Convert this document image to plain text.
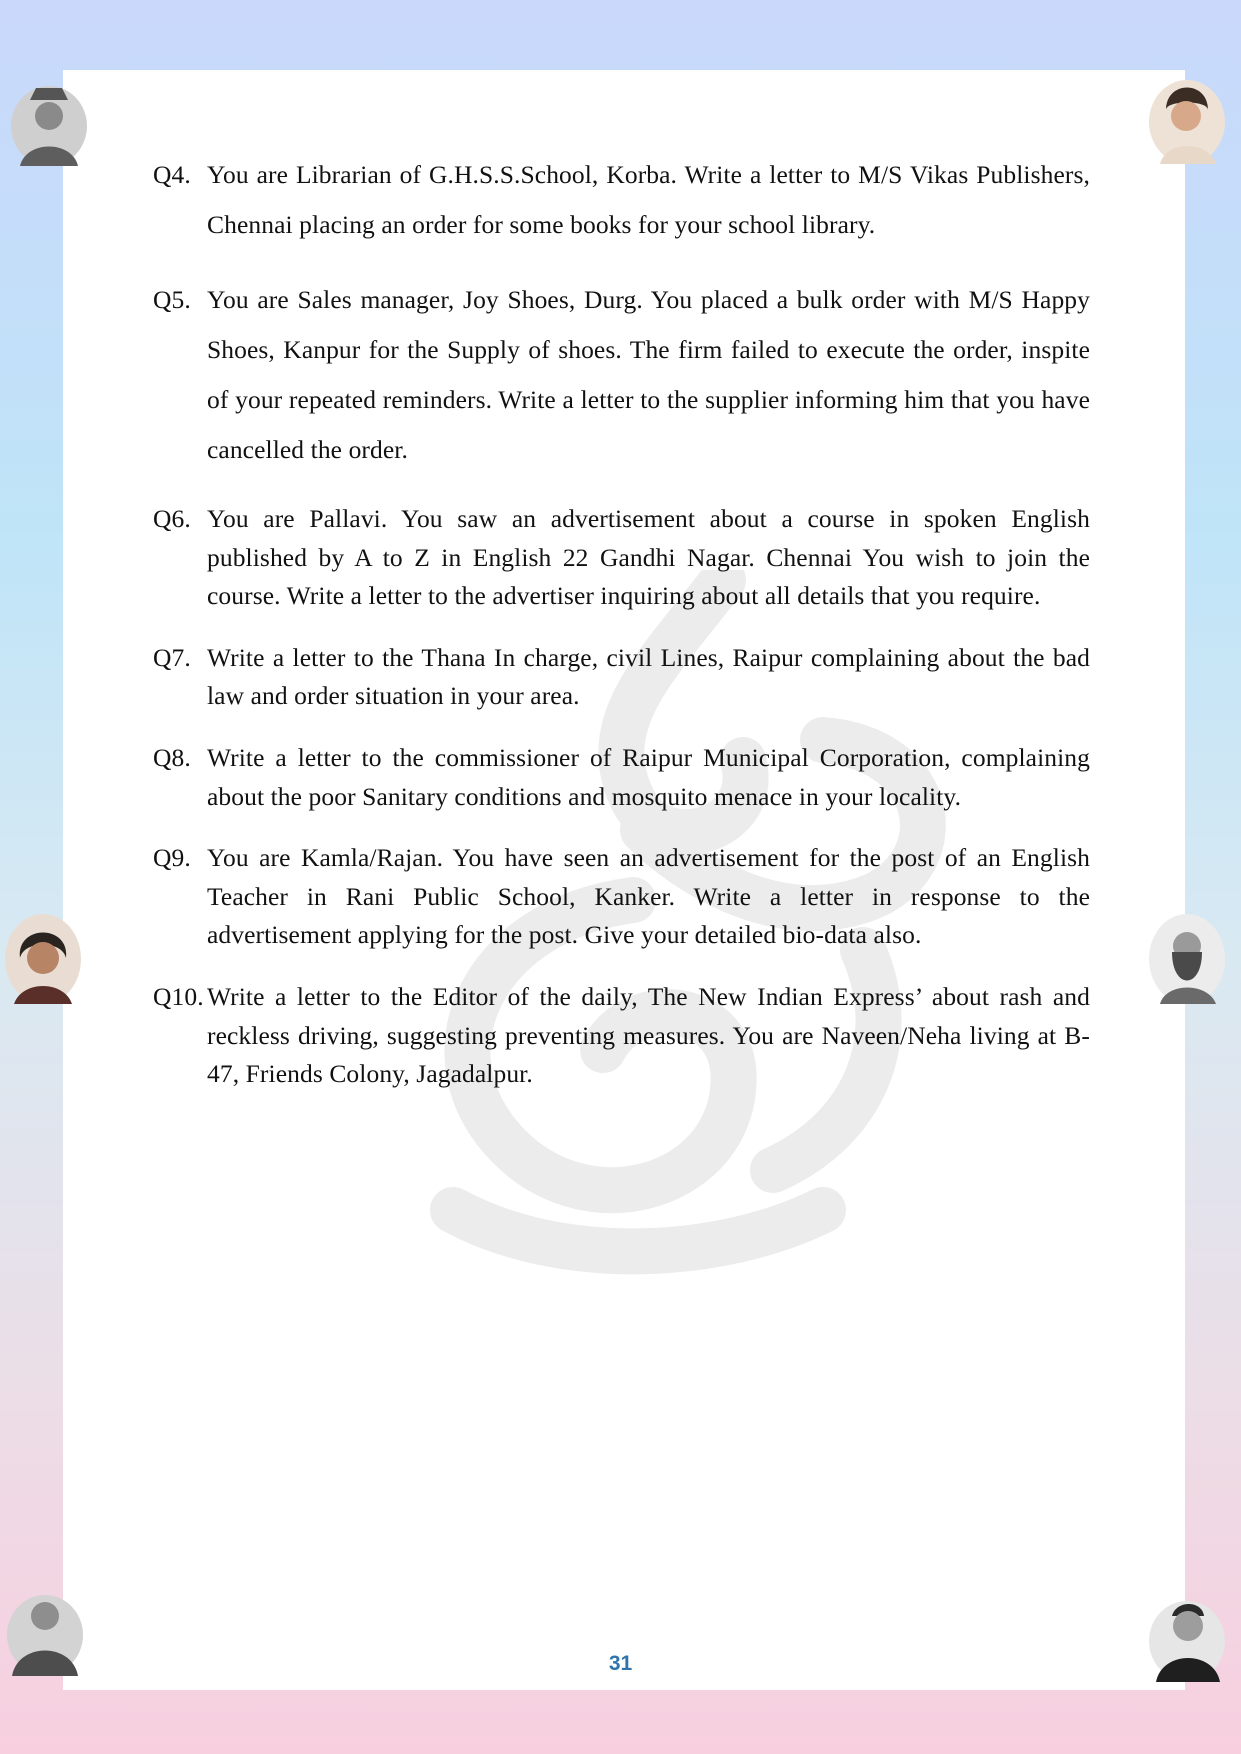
Q4. You are Librarian of G.H.S.S.School, Korba. Write a letter to M/S Vikas Publishers, Chennai placing an order for some books for your school library.
Q5. You are Sales manager, Joy Shoes, Durg. You placed a bulk order with M/S Happy Shoes, Kanpur for the Supply of shoes. The firm failed to execute the order, inspite of your repeated reminders. Write a letter to the supplier informing him that you have cancelled the order.
Q6. You are Pallavi. You saw an advertisement about a course in spoken English published by A to Z in English 22 Gandhi Nagar. Chennai You wish to join the course. Write a letter to the advertiser inquiring about all details that you require.
Q7. Write a letter to the Thana In charge, civil Lines, Raipur complaining about the bad law and order situation in your area.
Q8. Write a letter to the commissioner of Raipur Municipal Corporation, complaining about the poor Sanitary conditions and mosquito menace in your locality.
Q9. You are Kamla/Rajan. You have seen an advertisement for the post of an English Teacher in Rani Public School, Kanker. Write a letter in response to the advertisement applying for the post. Give your detailed bio-data also.
Q10. Write a letter to the Editor of the daily, The New Indian Express’ about rash and reckless driving, suggesting preventing measures. You are Naveen/Neha living at B-47, Friends Colony, Jagadalpur.
31
